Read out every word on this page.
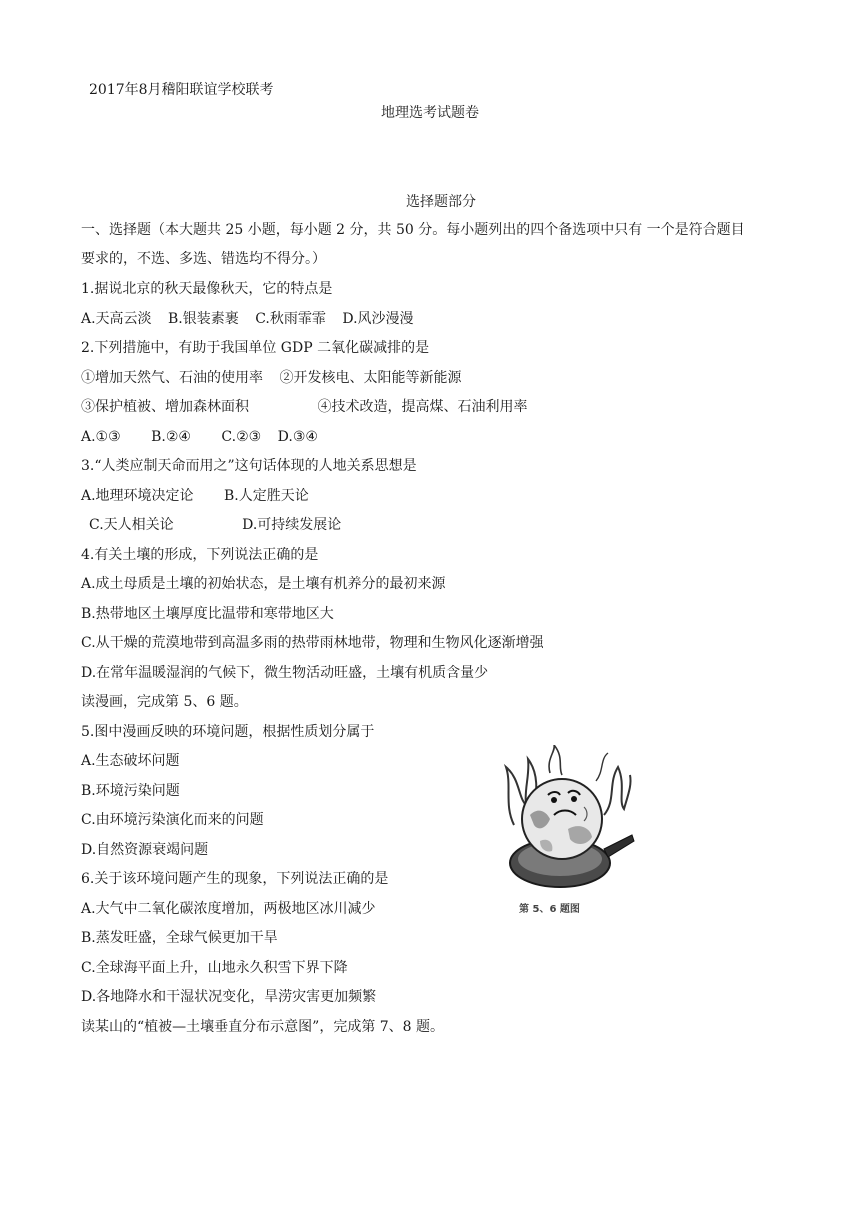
2017年8月稽阳联谊学校联考
地理选考试题卷
选择题部分
一、选择题（本大题共 25 小题，每小题 2 分，共 50 分。每小题列出的四个备选项中只有 一个是符合题目
要求的，不选、多选、错选均不得分。）
1.据说北京的秋天最像秋天，它的特点是
A.天高云淡 B.银装素裹 C.秋雨霏霏 D.风沙漫漫
2.下列措施中，有助于我国单位 GDP 二氧化碳减排的是
①增加天然气、石油的使用率 ②开发核电、太阳能等新能源
③保护植被、增加森林面积	④技术改造，提高煤、石油利用率
A.①③ B.②④ C.②③ D.③④
3.“人类应制天命而用之”这句话体现的人地关系思想是
A.地理环境决定论 B.人定胜天论
C.天人相关论	D.可持续发展论
4.有关土壤的形成，下列说法正确的是
A.成土母质是土壤的初始状态，是土壤有机养分的最初来源
B.热带地区土壤厚度比温带和寒带地区大
C.从干燥的荒漠地带到高温多雨的热带雨林地带，物理和生物风化逐渐增强
D.在常年温暖湿润的气候下，微生物活动旺盛，土壤有机质含量少
读漫画，完成第 5、6 题。
5.图中漫画反映的环境问题，根据性质划分属于
A.生态破坏问题
B.环境污染问题
C.由环境污染演化而来的问题
D.自然资源衰竭问题
6.关于该环境问题产生的现象，下列说法正确的是
A.大气中二氧化碳浓度增加，两极地区冰川减少
B.蒸发旺盛，全球气候更加干旱
C.全球海平面上升，山地永久积雪下界下降
D.各地降水和干湿状况变化，旱涝灾害更加频繁
读某山的“植被—土壤垂直分布示意图”，完成第 7、8 题。
第 5、6 题图
